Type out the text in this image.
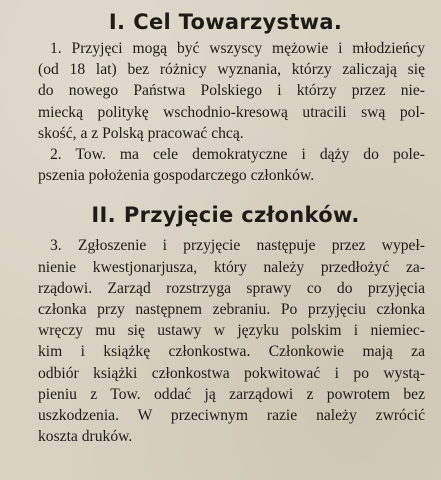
I. Cel Towarzystwa.
1. Przyjęci mogą być wszyscy mężowie i młodzieńcy
(od 18 lat) bez różnicy wyznania, którzy zaliczają się
do nowego Państwa Polskiego i którzy przez nie-
miecką politykę wschodnio-kresową utracili swą pol-
skość, a z Polską pracować chcą.
2. Tow. ma cele demokratyczne i dąży do pole-
pszenia położenia gospodarczego członków.
II. Przyjęcie członków.
3. Zgłoszenie i przyjęcie następuje przez wypeł-
nienie kwestjonarjusza, który należy przedłożyć za-
rządowi. Zarząd rozstrzyga sprawy co do przyjęcia
członka przy następnem zebraniu. Po przyjęciu członka
wręczy mu się ustawy w języku polskim i niemiec-
kim i książkę członkostwa. Członkowie mają za
odbiór książki członkostwa pokwitować i po wystą-
pieniu z Tow. oddać ją zarządowi z powrotem bez
uszkodzenia. W przeciwnym razie należy zwrócić
koszta druków.
